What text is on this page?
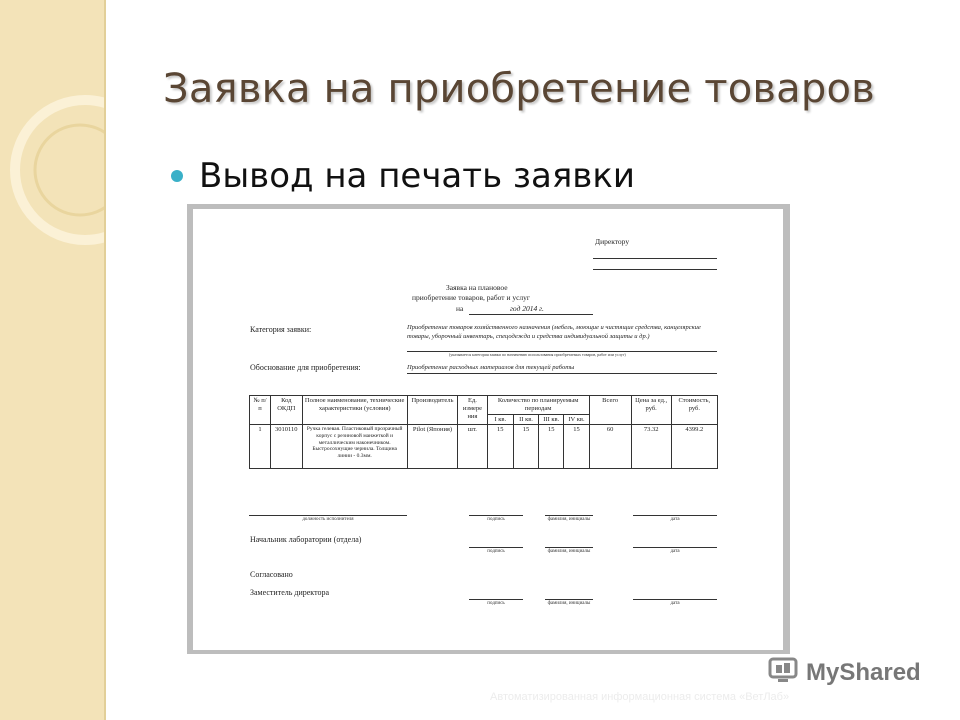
Заявка на приобретение товаров
Вывод на печать заявки
Директору
Заявка на плановое
приобретение товаров, работ и услуг
на	год 2014 г.
Категория заявки:	Приобретение товаров хозяйственного назначения (мебель, моющие и чистящие средства, канцелярские товары, уборочный инвентарь, спецодежда и средства индивидуальной защиты и др.)
(указывается категория заявки по назначению использования приобретаемых товаров, работ или услуг)
Обоснование для приобретения:	Приобретение расходных материалов для текущей работы
№ п/п	Код ОКДП	Полное наименование, технические характеристики (условия)	Производитель	Ед. измере ния	Количество по планируемым периодам				Всего	Цена за ед., руб.	Стоимость, руб.
					I кв.	II кв.	III кв.	IV кв.			
1	3010110	Ручка гелевая. Пластиковый прозрачный корпус с резиновой манжеткой и металлическим наконечником. Быстросохнущие чернила. Толщина линии - 0.3мм.	Pilot (Япония)	шт.	15	15	15	15	60	73.32	4399.2
должность исполнителя	подпись	фамилия, инициалы	дата
Начальник лаборатории (отдела)
подпись	фамилия, инициалы	дата
Согласовано
Заместитель директора
подпись	фамилия, инициалы	дата
Автоматизированная информационная система «ВетЛаб»
MyShared
